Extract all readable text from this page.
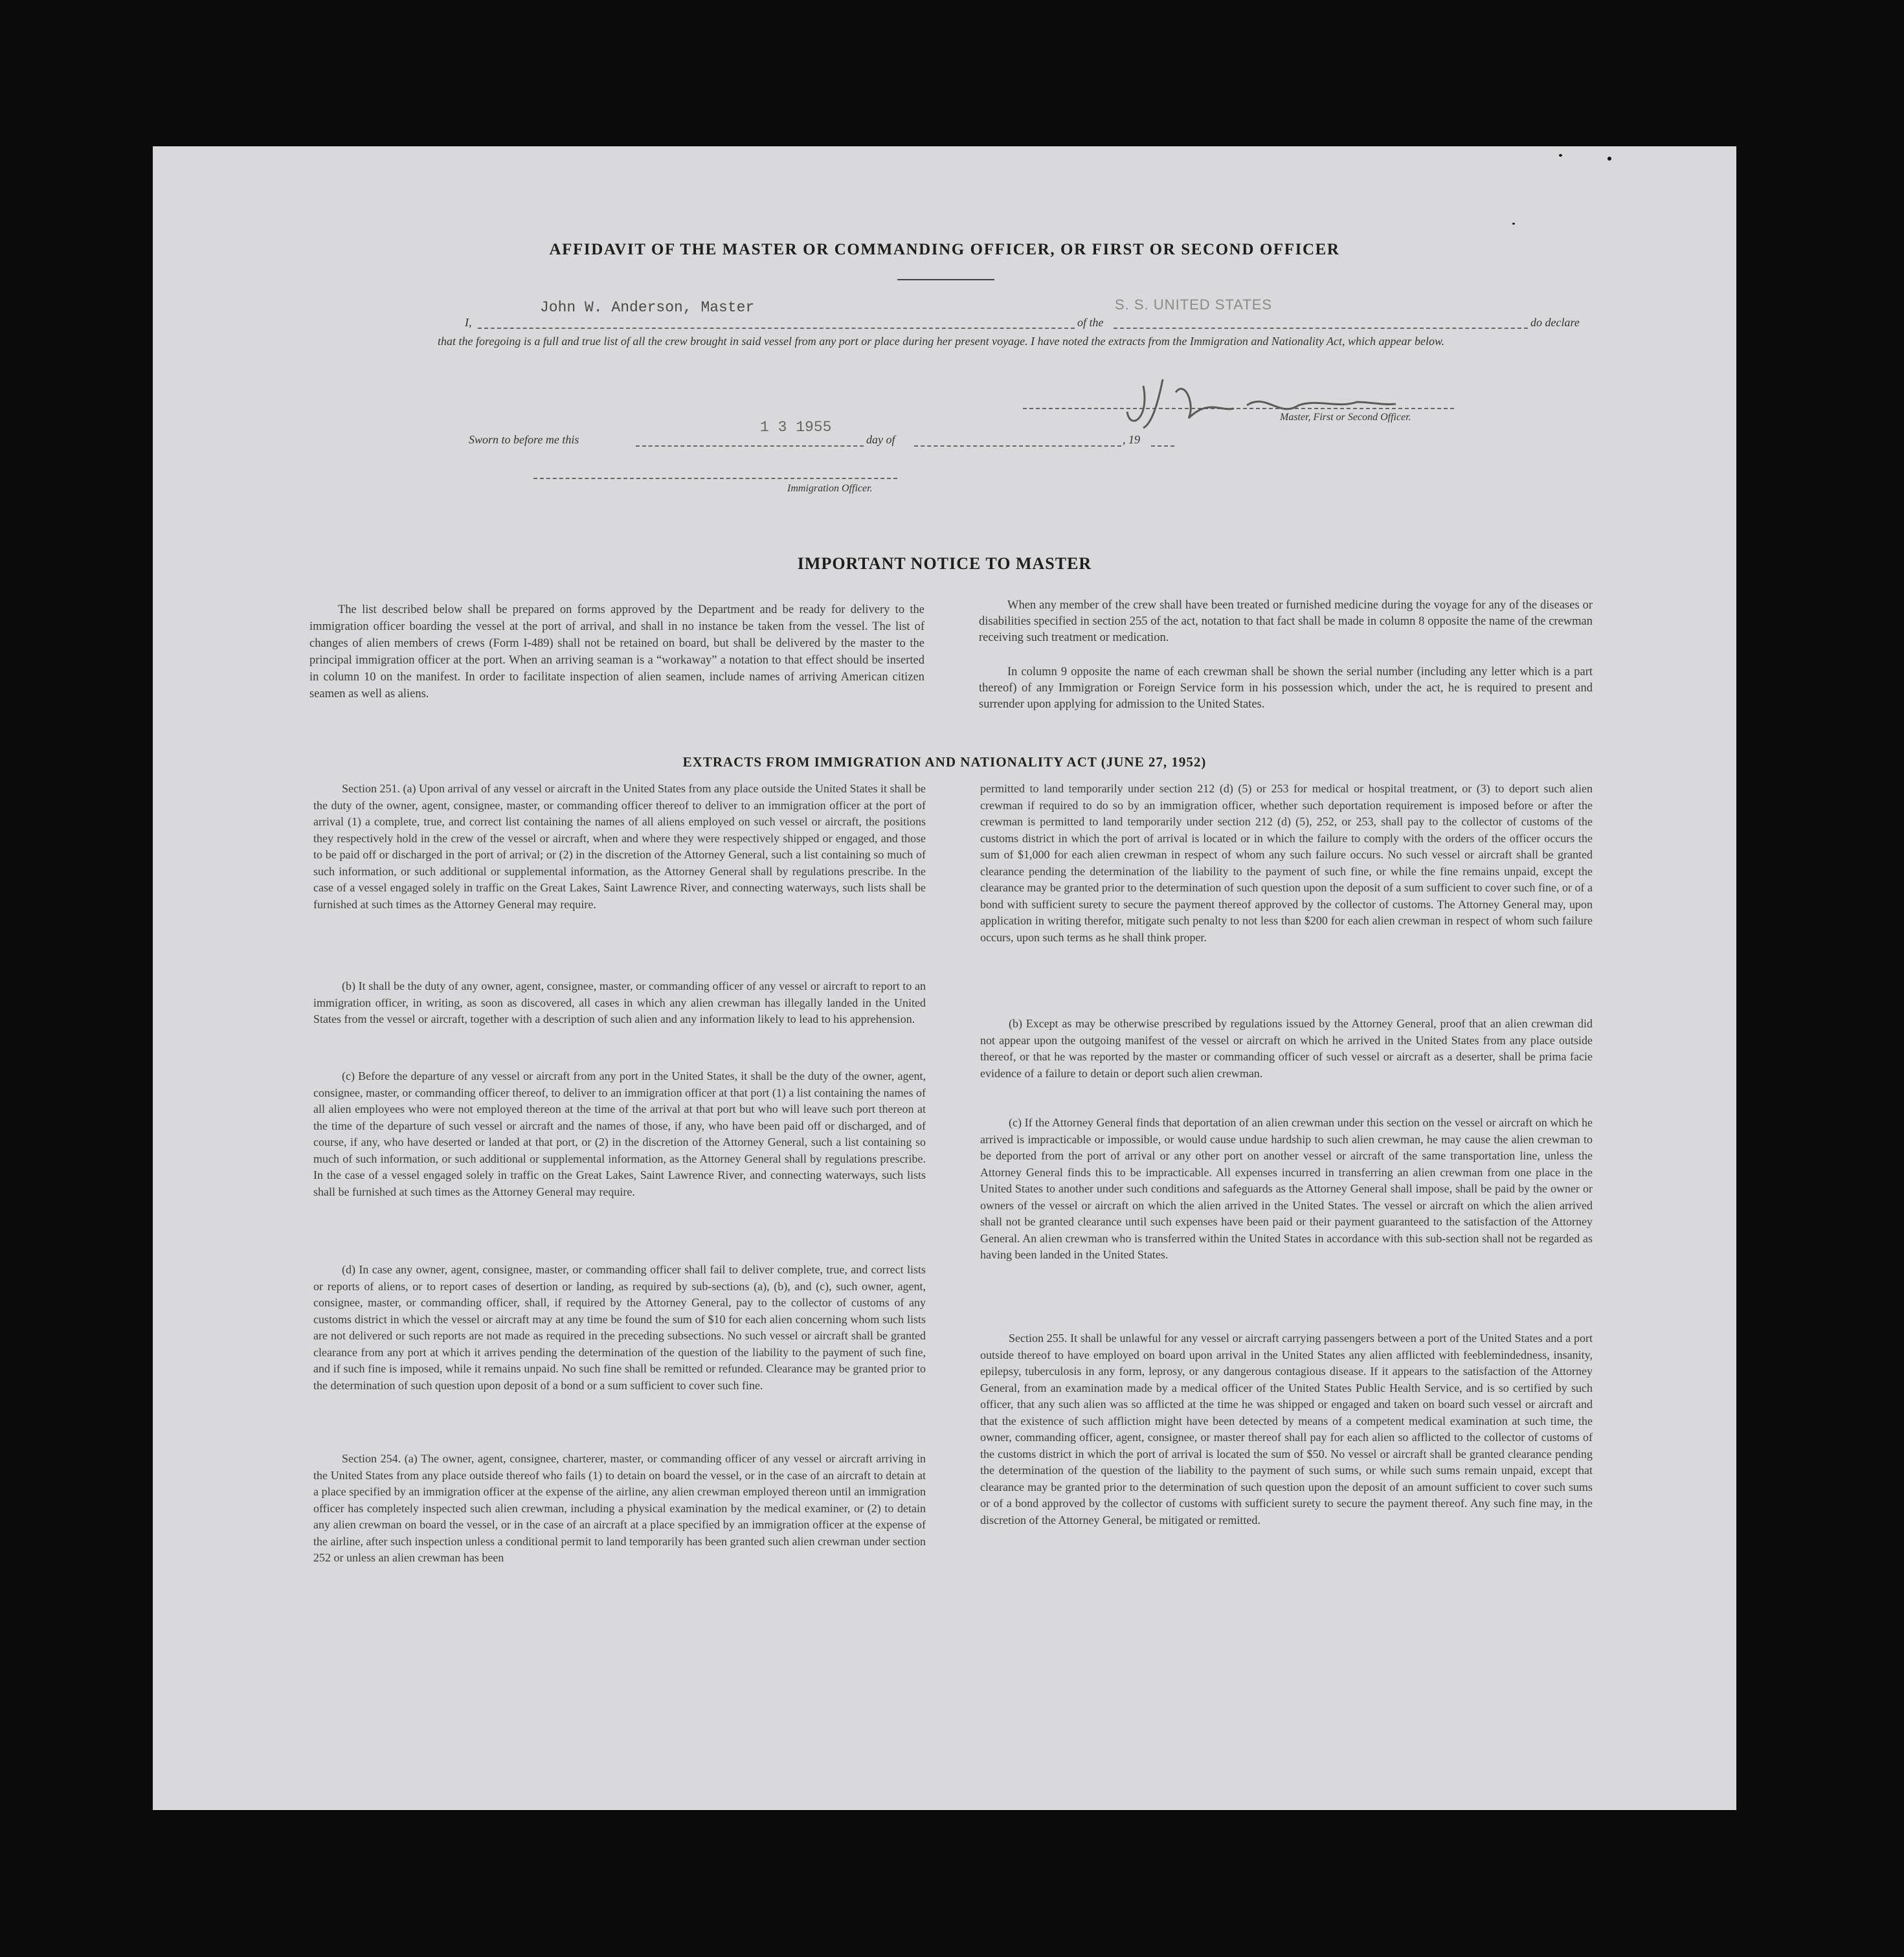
AFFIDAVIT OF THE MASTER OR COMMANDING OFFICER, OR FIRST OR SECOND OFFICER
I,
John W. Anderson, Master
of the
S. S. UNITED STATES
do declare

that the foregoing is a full and true list of all the crew brought in said vessel from any port or place during her present voyage. I have noted the extracts from the Immigration and Nationality Act, which appear below.

Master, First or Second Officer.
Sworn to before me this
1 3 1955
day of	, 19
Immigration Officer.
IMPORTANT NOTICE TO MASTER

The list described below shall be prepared on forms approved by the Department and be ready for delivery to the immigration officer boarding the vessel at the port of arrival, and shall in no instance be taken from the vessel. The list of changes of alien members of crews (Form I-489) shall not be retained on board, but shall be delivered by the master to the principal immigration officer at the port. When an arriving seaman is a “workaway” a notation to that effect should be inserted in column 10 on the manifest. In order to facilitate inspection of alien seamen, include names of arriving American citizen seamen as well as aliens.

When any member of the crew shall have been treated or furnished medicine during the voyage for any of the diseases or disabilities specified in section 255 of the act, notation to that fact shall be made in column 8 opposite the name of the crewman receiving such treatment or medication.

In column 9 opposite the name of each crewman shall be shown the serial number (including any letter which is a part thereof) of any Immigration or Foreign Service form in his possession which, under the act, he is required to present and surrender upon applying for admission to the United States.

EXTRACTS FROM IMMIGRATION AND NATIONALITY ACT (JUNE 27, 1952)

Section 251. (a) Upon arrival of any vessel or aircraft in the United States from any place outside the United States it shall be the duty of the owner, agent, consignee, master, or commanding officer thereof to deliver to an immigration officer at the port of arrival (1) a complete, true, and correct list containing the names of all aliens employed on such vessel or aircraft, the positions they respectively hold in the crew of the vessel or aircraft, when and where they were respectively shipped or engaged, and those to be paid off or discharged in the port of arrival; or (2) in the discretion of the Attorney General, such a list containing so much of such information, or such additional or supplemental information, as the Attorney General shall by regulations prescribe. In the case of a vessel engaged solely in traffic on the Great Lakes, Saint Lawrence River, and connecting waterways, such lists shall be furnished at such times as the Attorney General may require.

(b) It shall be the duty of any owner, agent, consignee, master, or commanding officer of any vessel or aircraft to report to an immigration officer, in writing, as soon as discovered, all cases in which any alien crewman has illegally landed in the United States from the vessel or aircraft, together with a description of such alien and any information likely to lead to his apprehension.

(c) Before the departure of any vessel or aircraft from any port in the United States, it shall be the duty of the owner, agent, consignee, master, or commanding officer thereof, to deliver to an immigration officer at that port (1) a list containing the names of all alien employees who were not employed thereon at the time of the arrival at that port but who will leave such port thereon at the time of the departure of such vessel or aircraft and the names of those, if any, who have been paid off or discharged, and of course, if any, who have deserted or landed at that port, or (2) in the discretion of the Attorney General, such a list containing so much of such information, or such additional or supplemental information, as the Attorney General shall by regulations prescribe. In the case of a vessel engaged solely in traffic on the Great Lakes, Saint Lawrence River, and connecting waterways, such lists shall be furnished at such times as the Attorney General may require.

(d) In case any owner, agent, consignee, master, or commanding officer shall fail to deliver complete, true, and correct lists or reports of aliens, or to report cases of desertion or landing, as required by sub-sections (a), (b), and (c), such owner, agent, consignee, master, or commanding officer, shall, if required by the Attorney General, pay to the collector of customs of any customs district in which the vessel or aircraft may at any time be found the sum of $10 for each alien concerning whom such lists are not delivered or such reports are not made as required in the preceding subsections. No such vessel or aircraft shall be granted clearance from any port at which it arrives pending the determination of the question of the liability to the payment of such fine, and if such fine is imposed, while it remains unpaid. No such fine shall be remitted or refunded. Clearance may be granted prior to the determination of such question upon deposit of a bond or a sum sufficient to cover such fine.

Section 254. (a) The owner, agent, consignee, charterer, master, or commanding officer of any vessel or aircraft arriving in the United States from any place outside thereof who fails (1) to detain on board the vessel, or in the case of an aircraft to detain at a place specified by an immigration officer at the expense of the airline, any alien crewman employed thereon until an immigration officer has completely inspected such alien crewman, including a physical examination by the medical examiner, or (2) to detain any alien crewman on board the vessel, or in the case of an aircraft at a place specified by an immigration officer at the expense of the airline, after such inspection unless a conditional permit to land temporarily has been granted such alien crewman under section 252 or unless an alien crewman has been

permitted to land temporarily under section 212 (d) (5) or 253 for medical or hospital treatment, or (3) to deport such alien crewman if required to do so by an immigration officer, whether such deportation requirement is imposed before or after the crewman is permitted to land temporarily under section 212 (d) (5), 252, or 253, shall pay to the collector of customs of the customs district in which the port of arrival is located or in which the failure to comply with the orders of the officer occurs the sum of $1,000 for each alien crewman in respect of whom any such failure occurs. No such vessel or aircraft shall be granted clearance pending the determination of the liability to the payment of such fine, or while the fine remains unpaid, except the clearance may be granted prior to the determination of such question upon the deposit of a sum sufficient to cover such fine, or of a bond with sufficient surety to secure the payment thereof approved by the collector of customs. The Attorney General may, upon application in writing therefor, mitigate such penalty to not less than $200 for each alien crewman in respect of whom such failure occurs, upon such terms as he shall think proper.

(b) Except as may be otherwise prescribed by regulations issued by the Attorney General, proof that an alien crewman did not appear upon the outgoing manifest of the vessel or aircraft on which he arrived in the United States from any place outside thereof, or that he was reported by the master or commanding officer of such vessel or aircraft as a deserter, shall be prima facie evidence of a failure to detain or deport such alien crewman.

(c) If the Attorney General finds that deportation of an alien crewman under this section on the vessel or aircraft on which he arrived is impracticable or impossible, or would cause undue hardship to such alien crewman, he may cause the alien crewman to be deported from the port of arrival or any other port on another vessel or aircraft of the same transportation line, unless the Attorney General finds this to be impracticable. All expenses incurred in transferring an alien crewman from one place in the United States to another under such conditions and safeguards as the Attorney General shall impose, shall be paid by the owner or owners of the vessel or aircraft on which the alien arrived in the United States. The vessel or aircraft on which the alien arrived shall not be granted clearance until such expenses have been paid or their payment guaranteed to the satisfaction of the Attorney General. An alien crewman who is transferred within the United States in accordance with this sub-section shall not be regarded as having been landed in the United States.

Section 255. It shall be unlawful for any vessel or aircraft carrying passengers between a port of the United States and a port outside thereof to have employed on board upon arrival in the United States any alien afflicted with feeblemindedness, insanity, epilepsy, tuberculosis in any form, leprosy, or any dangerous contagious disease. If it appears to the satisfaction of the Attorney General, from an examination made by a medical officer of the United States Public Health Service, and is so certified by such officer, that any such alien was so afflicted at the time he was shipped or engaged and taken on board such vessel or aircraft and that the existence of such affliction might have been detected by means of a competent medical examination at such time, the owner, commanding officer, agent, consignee, or master thereof shall pay for each alien so afflicted to the collector of customs of the customs district in which the port of arrival is located the sum of $50. No vessel or aircraft shall be granted clearance pending the determination of the question of the liability to the payment of such sums, or while such sums remain unpaid, except that clearance may be granted prior to the determination of such question upon the deposit of an amount sufficient to cover such sums or of a bond approved by the collector of customs with sufficient surety to secure the payment thereof. Any such fine may, in the discretion of the Attorney General, be mitigated or remitted.
